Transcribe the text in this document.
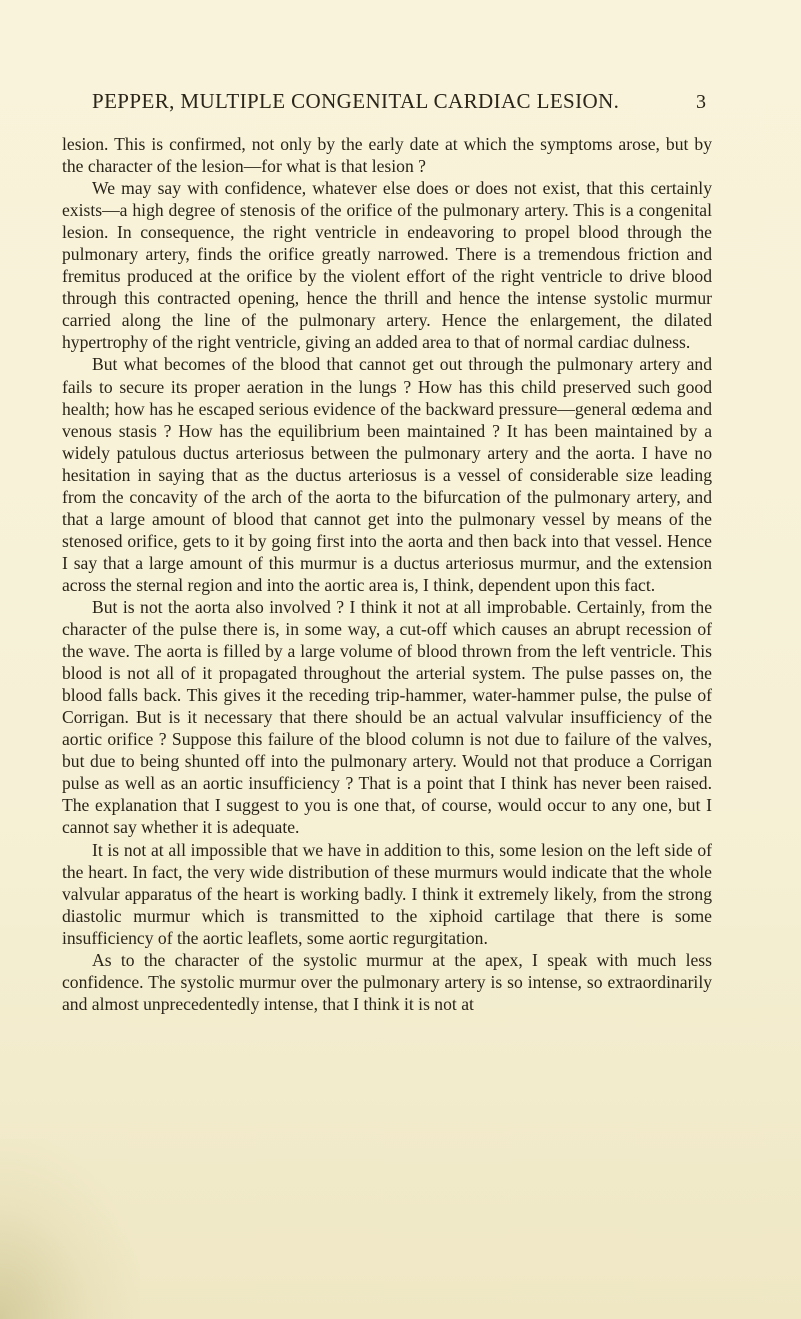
PEPPER, MULTIPLE CONGENITAL CARDIAC LESION.	3

lesion. This is confirmed, not only by the early date at which the symptoms arose, but by the character of the lesion—for what is that lesion ?

We may say with confidence, whatever else does or does not exist, that this certainly exists—a high degree of stenosis of the orifice of the pulmonary artery. This is a congenital lesion. In consequence, the right ventricle in endeavoring to propel blood through the pulmonary artery, finds the orifice greatly narrowed. There is a tremendous friction and fremitus produced at the orifice by the violent effort of the right ventricle to drive blood through this contracted opening, hence the thrill and hence the intense systolic murmur carried along the line of the pulmonary artery. Hence the enlargement, the dilated hypertrophy of the right ventricle, giving an added area to that of normal cardiac dulness.

But what becomes of the blood that cannot get out through the pulmonary artery and fails to secure its proper aeration in the lungs ? How has this child preserved such good health; how has he escaped serious evidence of the backward pressure—general œdema and venous stasis ? How has the equilibrium been maintained ? It has been maintained by a widely patulous ductus arteriosus between the pulmonary artery and the aorta. I have no hesitation in saying that as the ductus arteriosus is a vessel of considerable size leading from the concavity of the arch of the aorta to the bifurcation of the pulmonary artery, and that a large amount of blood that cannot get into the pulmonary vessel by means of the stenosed orifice, gets to it by going first into the aorta and then back into that vessel. Hence I say that a large amount of this murmur is a ductus arteriosus murmur, and the extension across the sternal region and into the aortic area is, I think, dependent upon this fact.

But is not the aorta also involved ? I think it not at all improbable. Certainly, from the character of the pulse there is, in some way, a cut-off which causes an abrupt recession of the wave. The aorta is filled by a large volume of blood thrown from the left ventricle. This blood is not all of it propagated throughout the arterial system. The pulse passes on, the blood falls back. This gives it the receding trip-hammer, water-hammer pulse, the pulse of Corrigan. But is it necessary that there should be an actual valvular insufficiency of the aortic orifice ? Suppose this failure of the blood column is not due to failure of the valves, but due to being shunted off into the pulmonary artery. Would not that produce a Corrigan pulse as well as an aortic insufficiency ? That is a point that I think has never been raised. The explanation that I suggest to you is one that, of course, would occur to any one, but I cannot say whether it is adequate.

It is not at all impossible that we have in addition to this, some lesion on the left side of the heart. In fact, the very wide distribution of these murmurs would indicate that the whole valvular apparatus of the heart is working badly. I think it extremely likely, from the strong diastolic murmur which is transmitted to the xiphoid cartilage that there is some insufficiency of the aortic leaflets, some aortic regurgitation.

As to the character of the systolic murmur at the apex, I speak with much less confidence. The systolic murmur over the pulmonary artery is so intense, so extraordinarily and almost unprecedentedly intense, that I think it is not at
